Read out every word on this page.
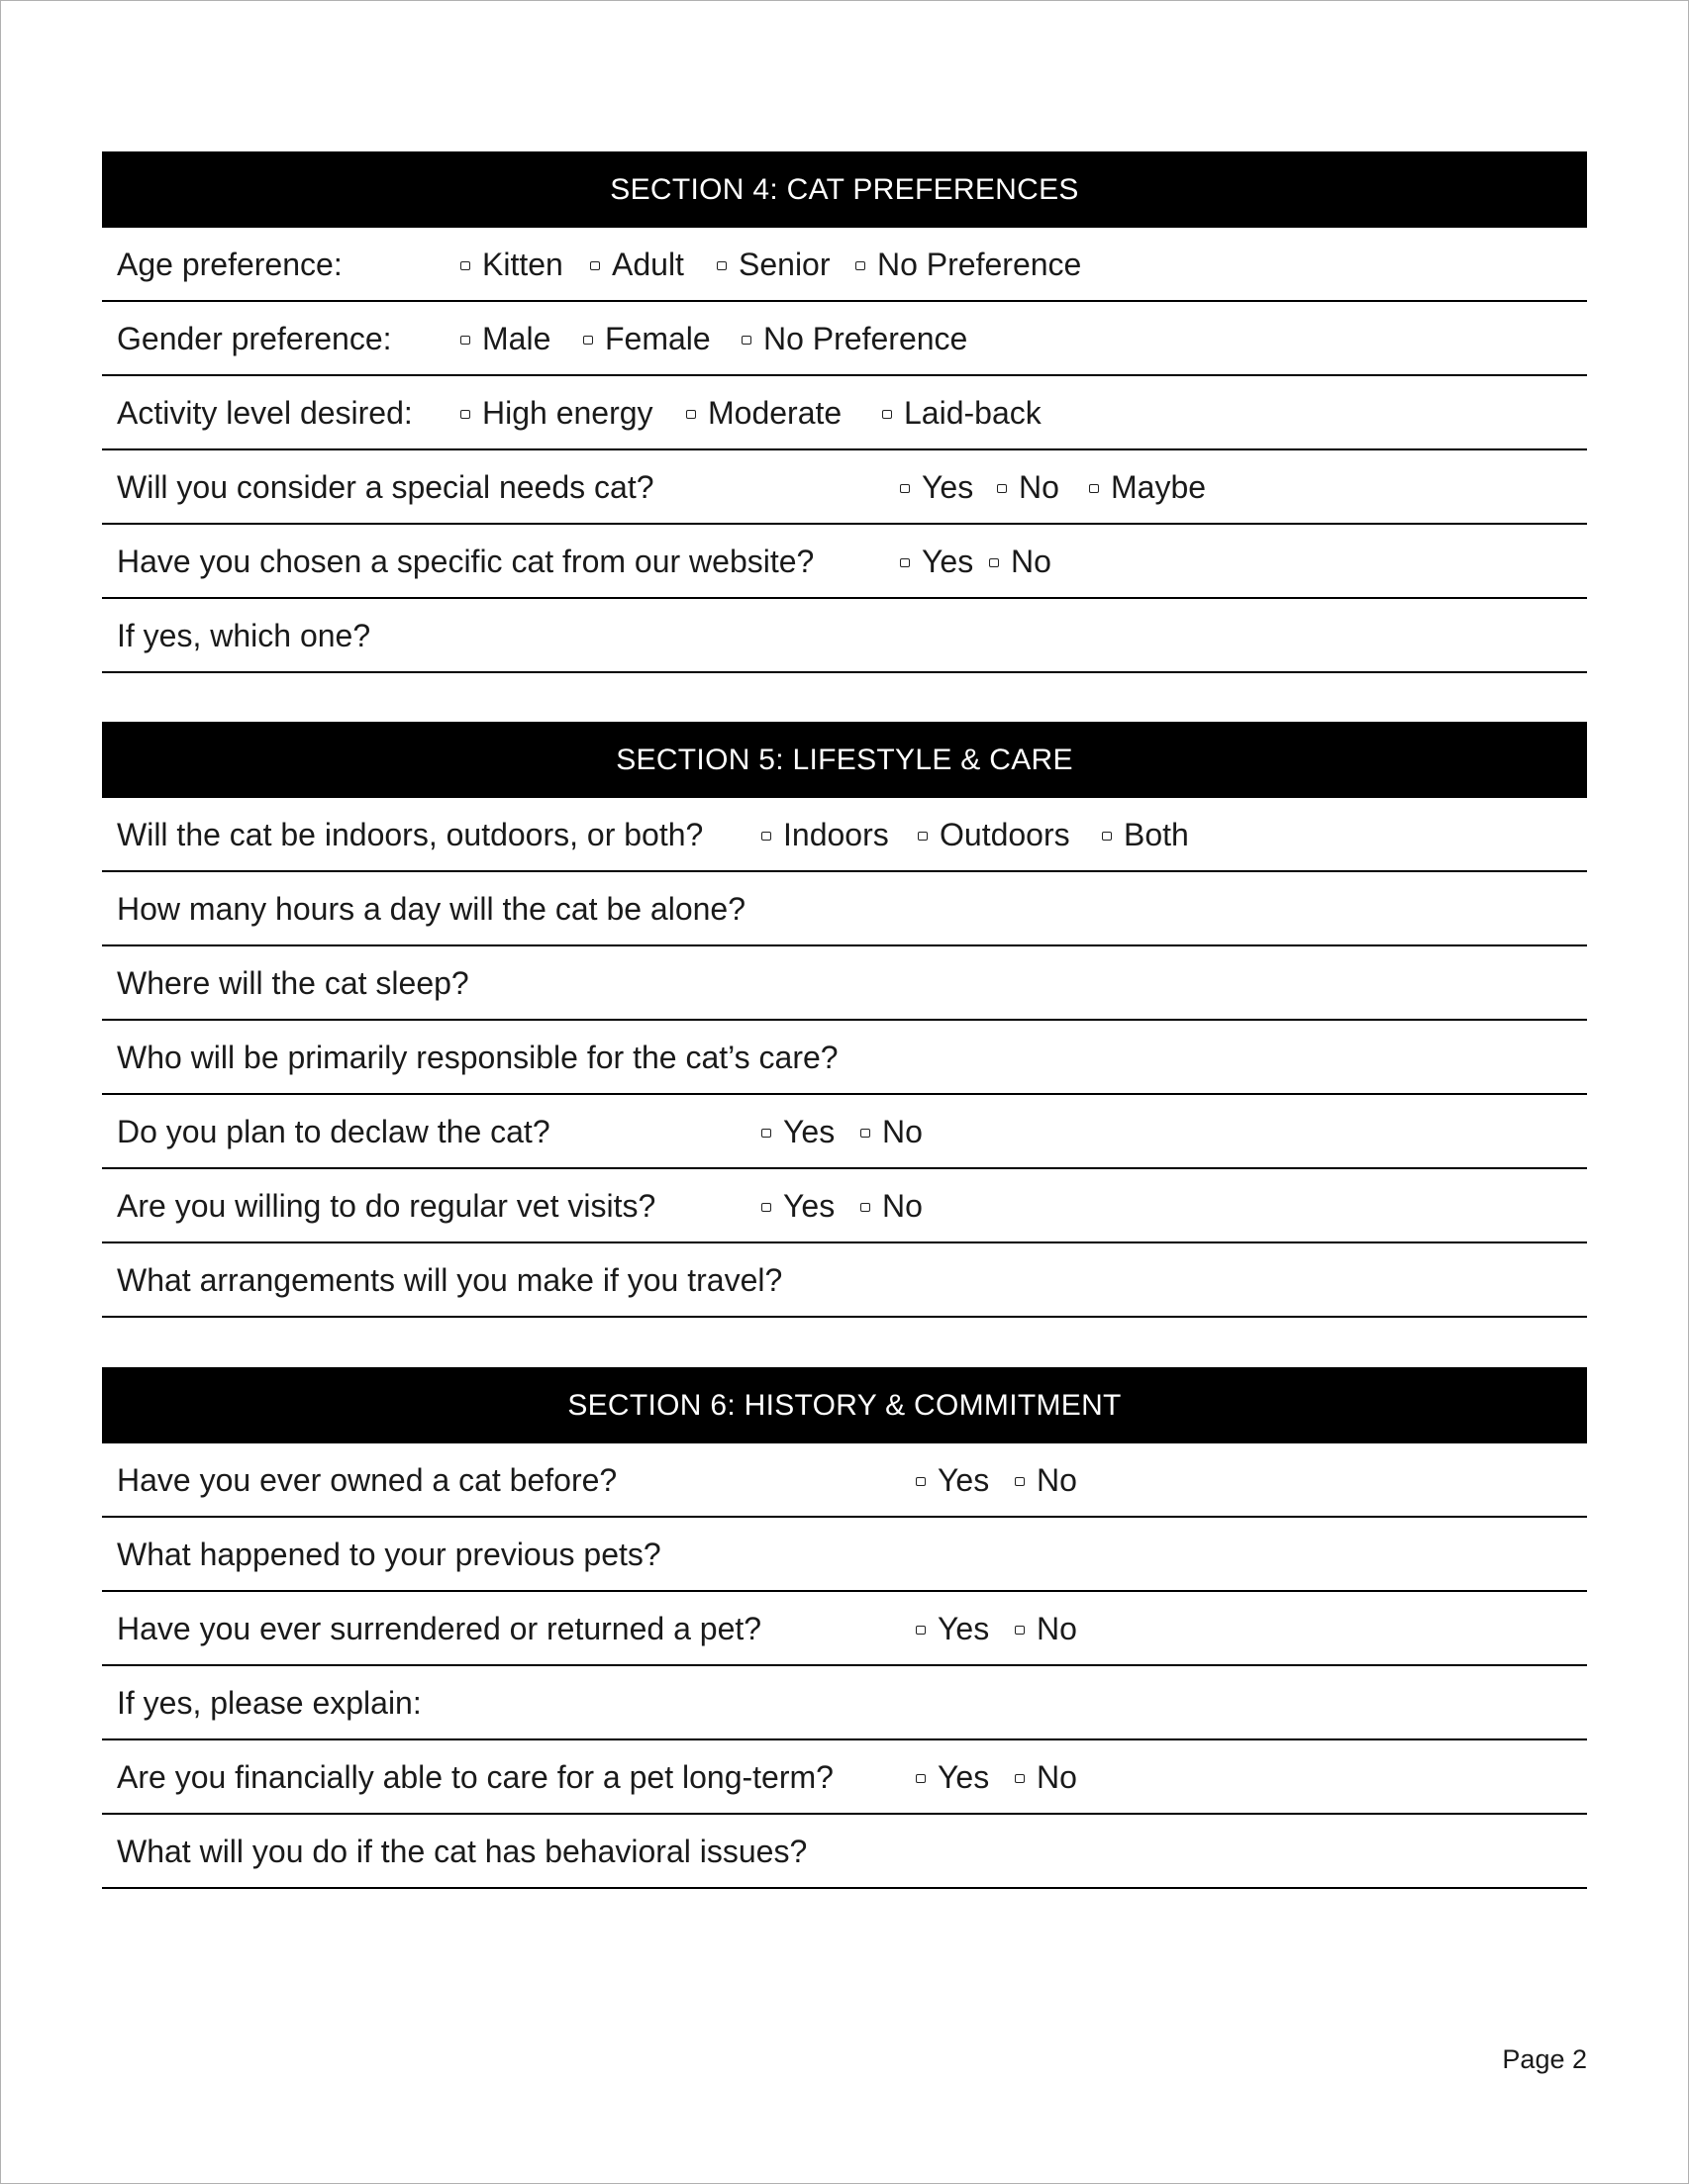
SECTION 4: CAT PREFERENCES
Age preference:	Kitten Adult Senior No Preference
Gender preference:	Male Female No Preference
Activity level desired: High energy Moderate Laid-back
Will you consider a special needs cat?	Yes No Maybe
Have you chosen a specific cat from our website?	Yes No
If yes, which one?
SECTION 5: LIFESTYLE & CARE
Will the cat be indoors, outdoors, or both?	Indoors Outdoors Both
How many hours a day will the cat be alone?
Where will the cat sleep?
Who will be primarily responsible for the cat’s care?
Do you plan to declaw the cat?	Yes No
Are you willing to do regular vet visits?	Yes No
What arrangements will you make if you travel?
SECTION 6: HISTORY & COMMITMENT
Have you ever owned a cat before?	Yes No
What happened to your previous pets?
Have you ever surrendered or returned a pet?	Yes No
If yes, please explain:
Are you financially able to care for a pet long-term?	Yes No
What will you do if the cat has behavioral issues?
Page 2
